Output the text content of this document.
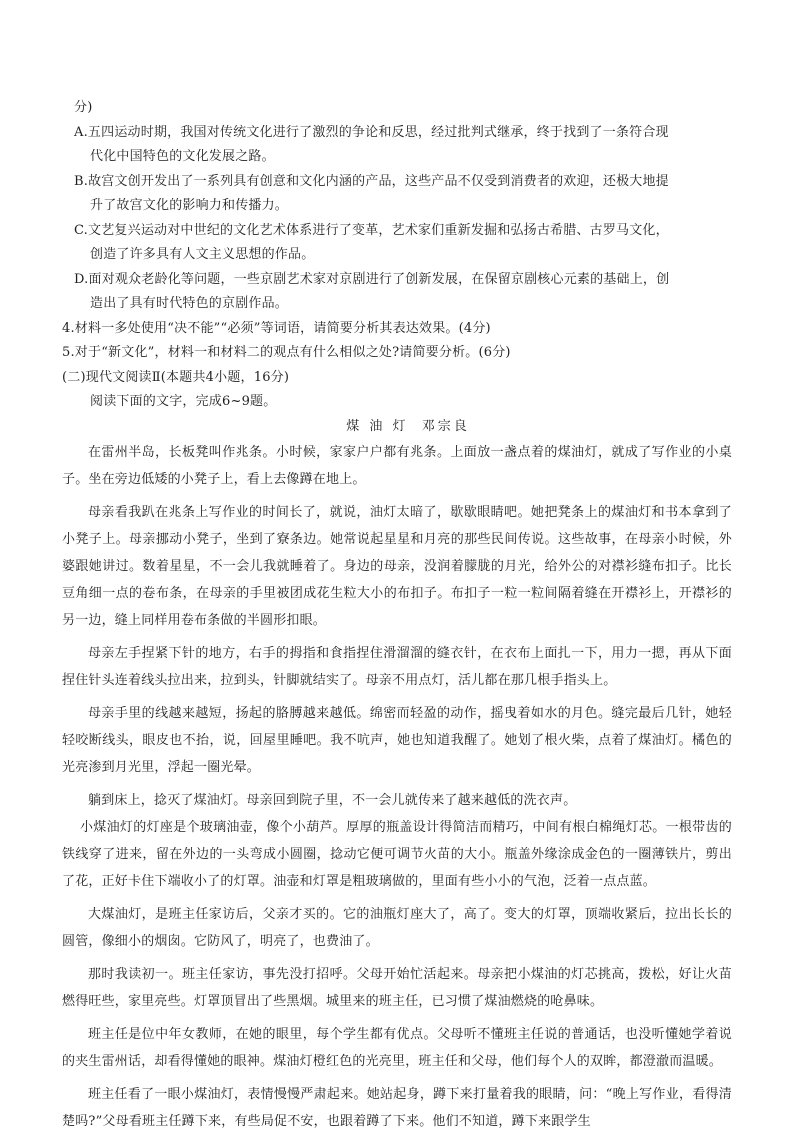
分)
A.五四运动时期，我国对传统文化进行了激烈的争论和反思，经过批判式继承，终于找到了一条符合现
代化中国特色的文化发展之路。
B.故宫文创开发出了一系列具有创意和文化内涵的产品，这些产品不仅受到消费者的欢迎，还极大地提
升了故宫文化的影响力和传播力。
C.文艺复兴运动对中世纪的文化艺术体系进行了变革，艺术家们重新发掘和弘扬古希腊、古罗马文化，
创造了许多具有人文主义思想的作品。
D.面对观众老龄化等问题，一些京剧艺术家对京剧进行了创新发展，在保留京剧核心元素的基础上，创
造出了具有时代特色的京剧作品。
4.材料一多处使用“决不能”“必须”等词语，请简要分析其表达效果。(4分)
5.对于“新文化”，材料一和材料二的观点有什么相似之处?请简要分析。(6分)
(二)现代文阅读Ⅱ(本题共4小题，16分)
阅读下面的文字，完成6~9题。
煤 油 灯 邓宗良

在雷州半岛，长板凳叫作兆条。小时候，家家户户都有兆条。上面放一盏点着的煤油灯，就成了写作业的小桌子。坐在旁边低矮的小凳子上，看上去像蹲在地上。

母亲看我趴在兆条上写作业的时间长了，就说，油灯太暗了，歇歇眼睛吧。她把凳条上的煤油灯和书本拿到了小凳子上。母亲挪动小凳子，坐到了寮条边。她常说起星星和月亮的那些民间传说。这些故事，在母亲小时候，外婆跟她讲过。数着星星，不一会儿我就睡着了。身边的母亲，没润着朦胧的月光，给外公的对襟衫缝布扣子。比长豆角细一点的卷布条，在母亲的手里被团成花生粒大小的布扣子。布扣子一粒一粒间隔着缝在开襟衫上，开襟衫的另一边，缝上同样用卷布条做的半圆形扣眼。

母亲左手捏紧下针的地方，右手的拇指和食指捏住滑溜溜的缝衣针，在衣布上面扎一下，用力一摁，再从下面捏住针头连着线头拉出来，拉到头，针脚就结实了。母亲不用点灯，活儿都在那几根手指头上。

母亲手里的线越来越短，扬起的胳膊越来越低。绵密而轻盈的动作，摇曳着如水的月色。缝完最后几针，她轻轻咬断线头，眼皮也不抬，说，回屋里睡吧。我不吭声，她也知道我醒了。她划了根火柴，点着了煤油灯。橘色的光亮渗到月光里，浮起一圈光晕。

躺到床上，捻灭了煤油灯。母亲回到院子里，不一会儿就传来了越来越低的洗衣声。

小煤油灯的灯座是个玻璃油壶，像个小葫芦。厚厚的瓶盖设计得简洁而精巧，中间有根白棉绳灯芯。一根带齿的铁线穿了进来，留在外边的一头弯成小圆圈，捻动它便可调节火苗的大小。瓶盖外缘涂成金色的一圈薄铁片，剪出了花，正好卡住下端收小了的灯罩。油壶和灯罩是粗玻璃做的，里面有些小小的气泡，泛着一点点蓝。

大煤油灯，是班主任家访后，父亲才买的。它的油瓶灯座大了，高了。变大的灯罩，顶端收紧后，拉出长长的圆管，像细小的烟囱。它防风了，明亮了，也费油了。

那时我读初一。班主任家访，事先没打招呼。父母开始忙活起来。母亲把小煤油的灯芯挑高，拨松，好让火苗燃得旺些，家里亮些。灯罩顶冒出了些黑烟。城里来的班主任，已习惯了煤油燃烧的呛鼻味。

班主任是位中年女教师，在她的眼里，每个学生都有优点。父母听不懂班主任说的普通话，也没听懂她学着说的夹生雷州话，却看得懂她的眼神。煤油灯橙红色的光亮里，班主任和父母，他们每个人的双眸，都澄澈而温暖。

班主任看了一眼小煤油灯，表情慢慢严肃起来。她站起身，蹲下来打量着我的眼睛，问：“晚上写作业，看得清楚吗?”父母看班主任蹲下来，有些局促不安，也跟着蹲了下来。他们不知道，蹲下来跟学生
